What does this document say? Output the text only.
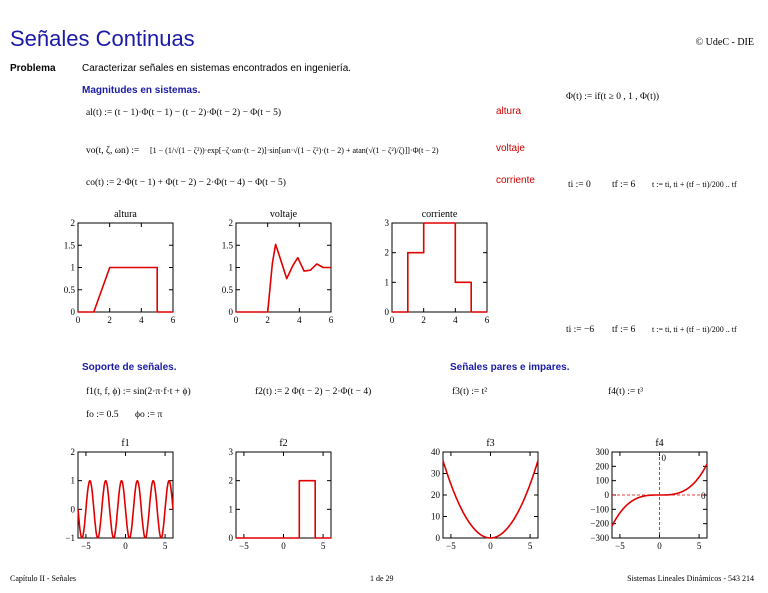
Señales Continuas	© UdeC - DIE
Problema	Caracterizar señales en sistemas encontrados en ingeniería.
Magnitudes en sistemas.
Φ(t) := if(t ≥ 0 , 1 , Φ(t))
al(t) := (t − 1)·Φ(t − 1) − (t − 2)·Φ(t − 2) − Φ(t − 5)	altura
vo(t, ζ, ωn) := [1 − (1/√(1 − ζ²))·exp[−ζ·ωn·(t − 2)]·sin[ωn·√(1 − ζ²)·(t − 2) + atan(√(1 − ζ²)/ζ)]]·Φ(t − 2)	voltaje
co(t) := 2·Φ(t − 1) + Φ(t − 2) − 2·Φ(t − 4) − Φ(t − 5)	corriente	ti := 0 tf := 6 t := ti, ti + (tf − ti)/200 .. tf
ti := −6 tf := 6 t := ti, ti + (tf − ti)/200 .. tf
Soporte de señales.	Señales pares e impares.
f1(t, f, ϕ) := sin(2·π·f·t + ϕ)	f2(t) := 2 Φ(t − 2) − 2·Φ(t − 4)	f3(t) := t²	f4(t) := t³
fo := 0.5 ϕo := π
altura
0	2	4	6
0
0.5
1
1.5
2
voltaje
0	2	4	6
0
0.5
1
1.5
2
corriente
0	2	4	6
0
1
2
3
f1
−5	0	5
−1
0
1
2
f2
−5	0	5
0
1
2
3
f3
−5	0	5
0
10
20
30
40
f4
−5	0	5
−300
−200
−100
0
100
200
300
0
0
Capítulo II - Señales	1 de 29	Sistemas Lineales Dinámicos - 543 214
